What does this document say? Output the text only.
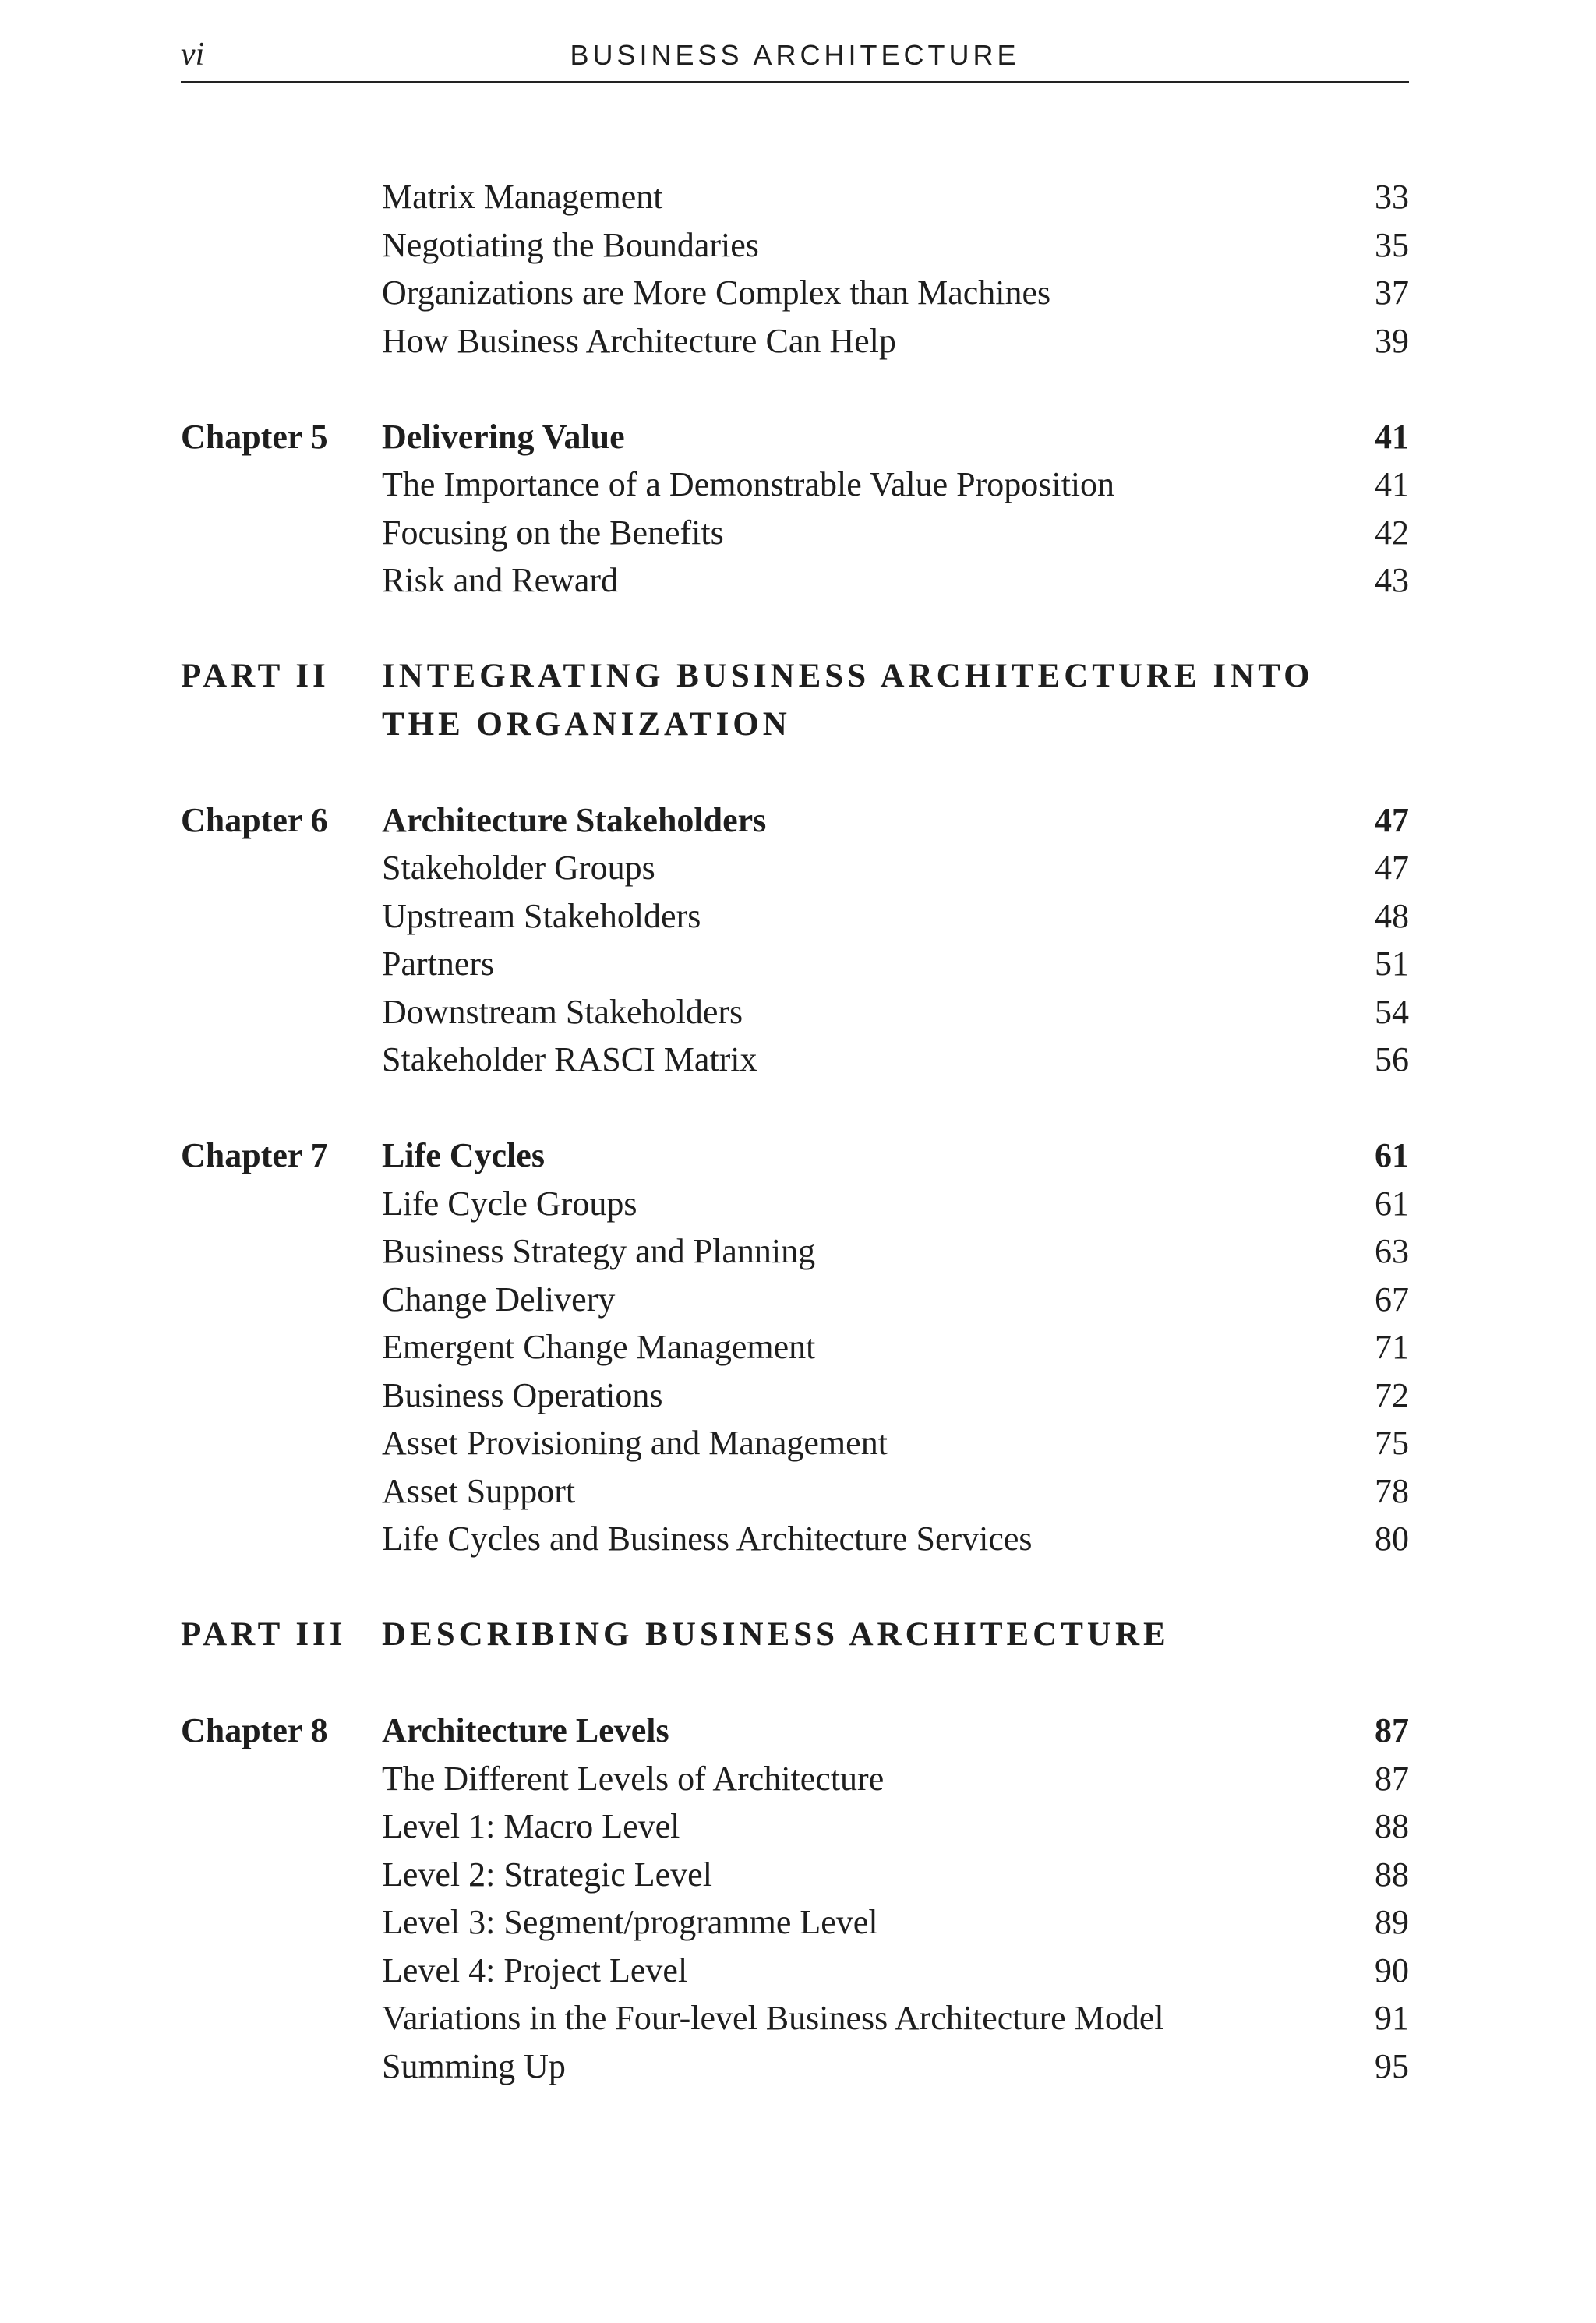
vi	BUSINESS ARCHITECTURE
Matrix Management	33
Negotiating the Boundaries	35
Organizations are More Complex than Machines	37
How Business Architecture Can Help	39
Chapter 5 Delivering Value	41
The Importance of a Demonstrable Value Proposition	41
Focusing on the Benefits	42
Risk and Reward	43
PART II INTEGRATING BUSINESS ARCHITECTURE INTO
THE ORGANIZATION
Chapter 6 Architecture Stakeholders	47
Stakeholder Groups	47
Upstream Stakeholders	48
Partners	51
Downstream Stakeholders	54
Stakeholder RASCI Matrix	56
Chapter 7 Life Cycles	61
Life Cycle Groups	61
Business Strategy and Planning	63
Change Delivery	67
Emergent Change Management	71
Business Operations	72
Asset Provisioning and Management	75
Asset Support	78
Life Cycles and Business Architecture Services	80
PART III DESCRIBING BUSINESS ARCHITECTURE
Chapter 8 Architecture Levels	87
The Different Levels of Architecture	87
Level 1: Macro Level	88
Level 2: Strategic Level	88
Level 3: Segment/programme Level	89
Level 4: Project Level	90
Variations in the Four-level Business Architecture Model	91
Summing Up	95
